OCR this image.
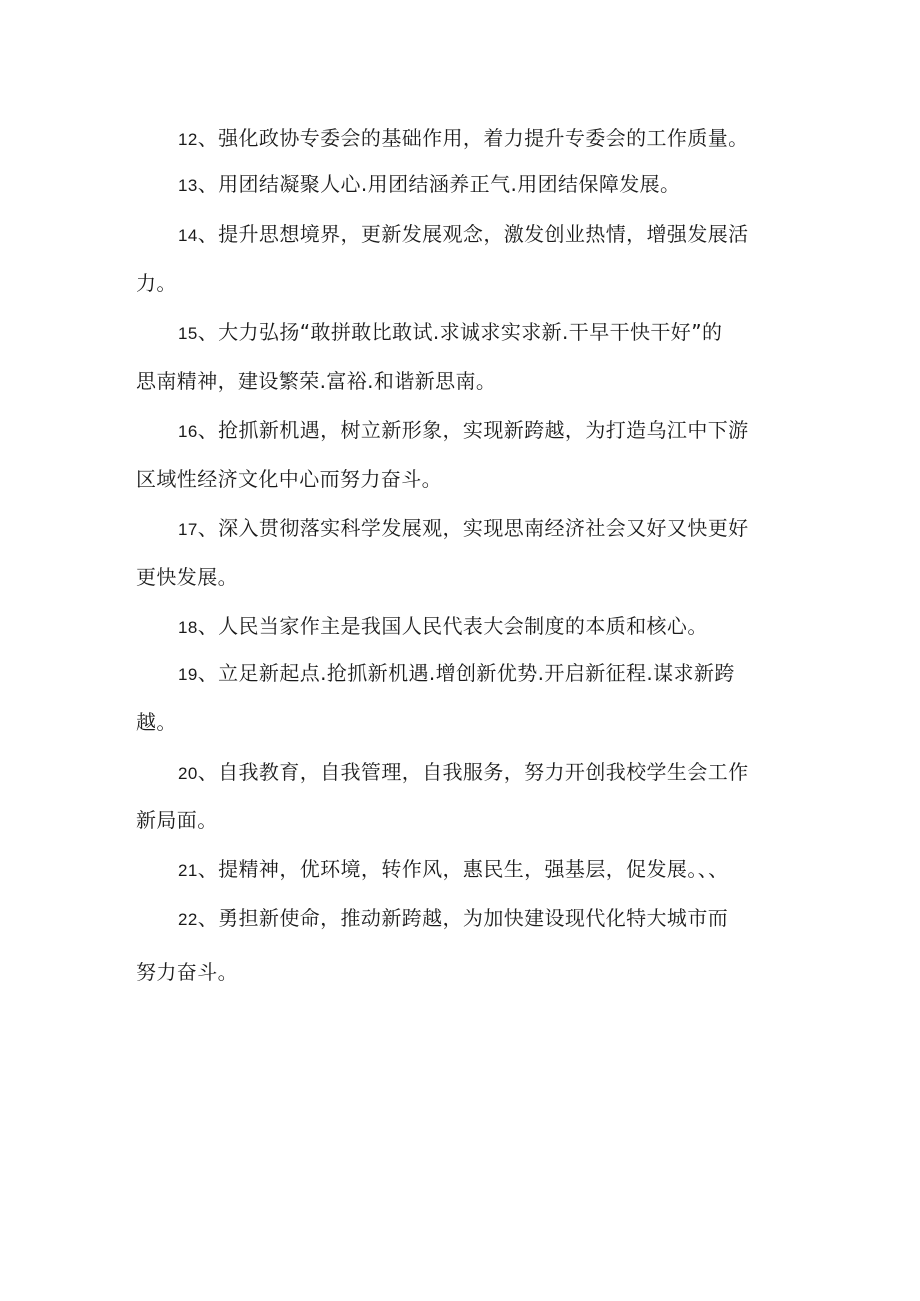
12、强化政协专委会的基础作用，着力提升专委会的工作质量。
13、用团结凝聚人心.用团结涵养正气.用团结保障发展。
14、提升思想境界，更新发展观念，激发创业热情，增强发展活
力。
15、大力弘扬“敢拼敢比敢试.求诚求实求新.干早干快干好”的
思南精神，建设繁荣.富裕.和谐新思南。
16、抢抓新机遇，树立新形象，实现新跨越，为打造乌江中下游
区域性经济文化中心而努力奋斗。
17、深入贯彻落实科学发展观，实现思南经济社会又好又快更好
更快发展。
18、人民当家作主是我国人民代表大会制度的本质和核心。
19、立足新起点.抢抓新机遇.增创新优势.开启新征程.谋求新跨
越。
20、自我教育，自我管理，自我服务，努力开创我校学生会工作
新局面。
21、提精神，优环境，转作风，惠民生，强基层，促发展。、、
22、勇担新使命，推动新跨越，为加快建设现代化特大城市而
努力奋斗。
